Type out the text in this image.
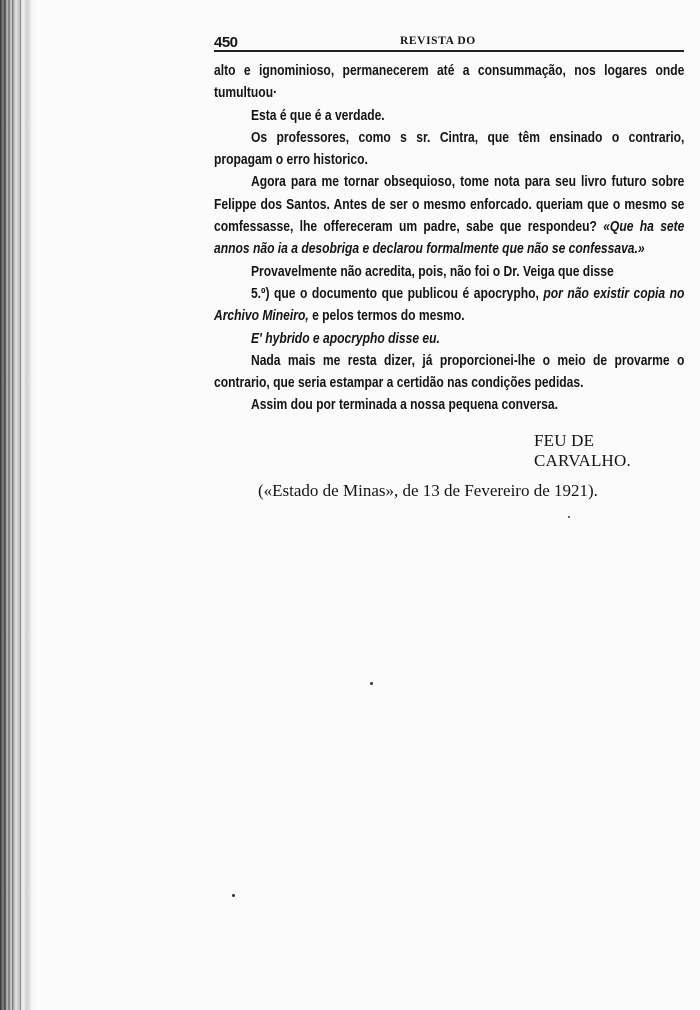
450	REVISTA DO

alto e ignominioso, permanecerem até a consummação, nos logares onde tumultuou·

Esta é que é a verdade.

Os professores, como s sr. Cintra, que têm ensinado o contrario, propagam o erro historico.

Agora para me tornar obsequioso, tome nota para seu livro futuro sobre Felippe dos Santos. Antes de ser o mesmo enforcado. queriam que o mesmo se comfessasse, lhe offereceram um padre, sabe que respondeu? «Que ha sete annos não ia a desobriga e declarou formalmente que não se confessava.»

Provavelmente não acredita, pois, não foi o Dr. Veiga que disse

5.º) que o documento que publicou é apocrypho, por não existir copia no Archivo Mineiro, e pelos termos do mesmo.

E' hybrido e apocrypho disse eu.

Nada mais me resta dizer, já proporcionei-lhe o meio de provarme o contrario, que seria estampar a certidão nas condições pedidas.

Assim dou por terminada a nossa pequena conversa.

FEU DE CARVALHO.

(«Estado de Minas», de 13 de Fevereiro de 1921).
